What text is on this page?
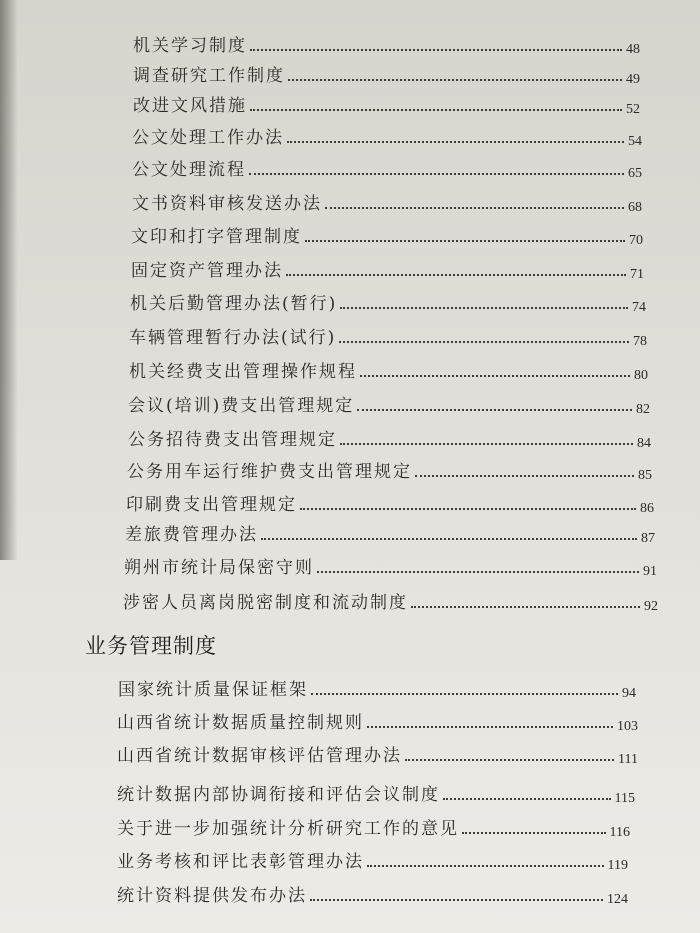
机关学习制度	48
调查研究工作制度	49
改进文风措施	52
公文处理工作办法	54
公文处理流程	65
文书资料审核发送办法	68
文印和打字管理制度	70
固定资产管理办法	71
机关后勤管理办法(暂行)	74
车辆管理暂行办法(试行)	78
机关经费支出管理操作规程	80
会议(培训)费支出管理规定	82
公务招待费支出管理规定	84
公务用车运行维护费支出管理规定	85
印刷费支出管理规定	86
差旅费管理办法	87
朔州市统计局保密守则	91
涉密人员离岗脱密制度和流动制度	92
国家统计质量保证框架	94
山西省统计数据质量控制规则	103
山西省统计数据审核评估管理办法	111
统计数据内部协调衔接和评估会议制度	115
关于进一步加强统计分析研究工作的意见	116
业务考核和评比表彰管理办法	119
统计资料提供发布办法	124
业务管理制度
